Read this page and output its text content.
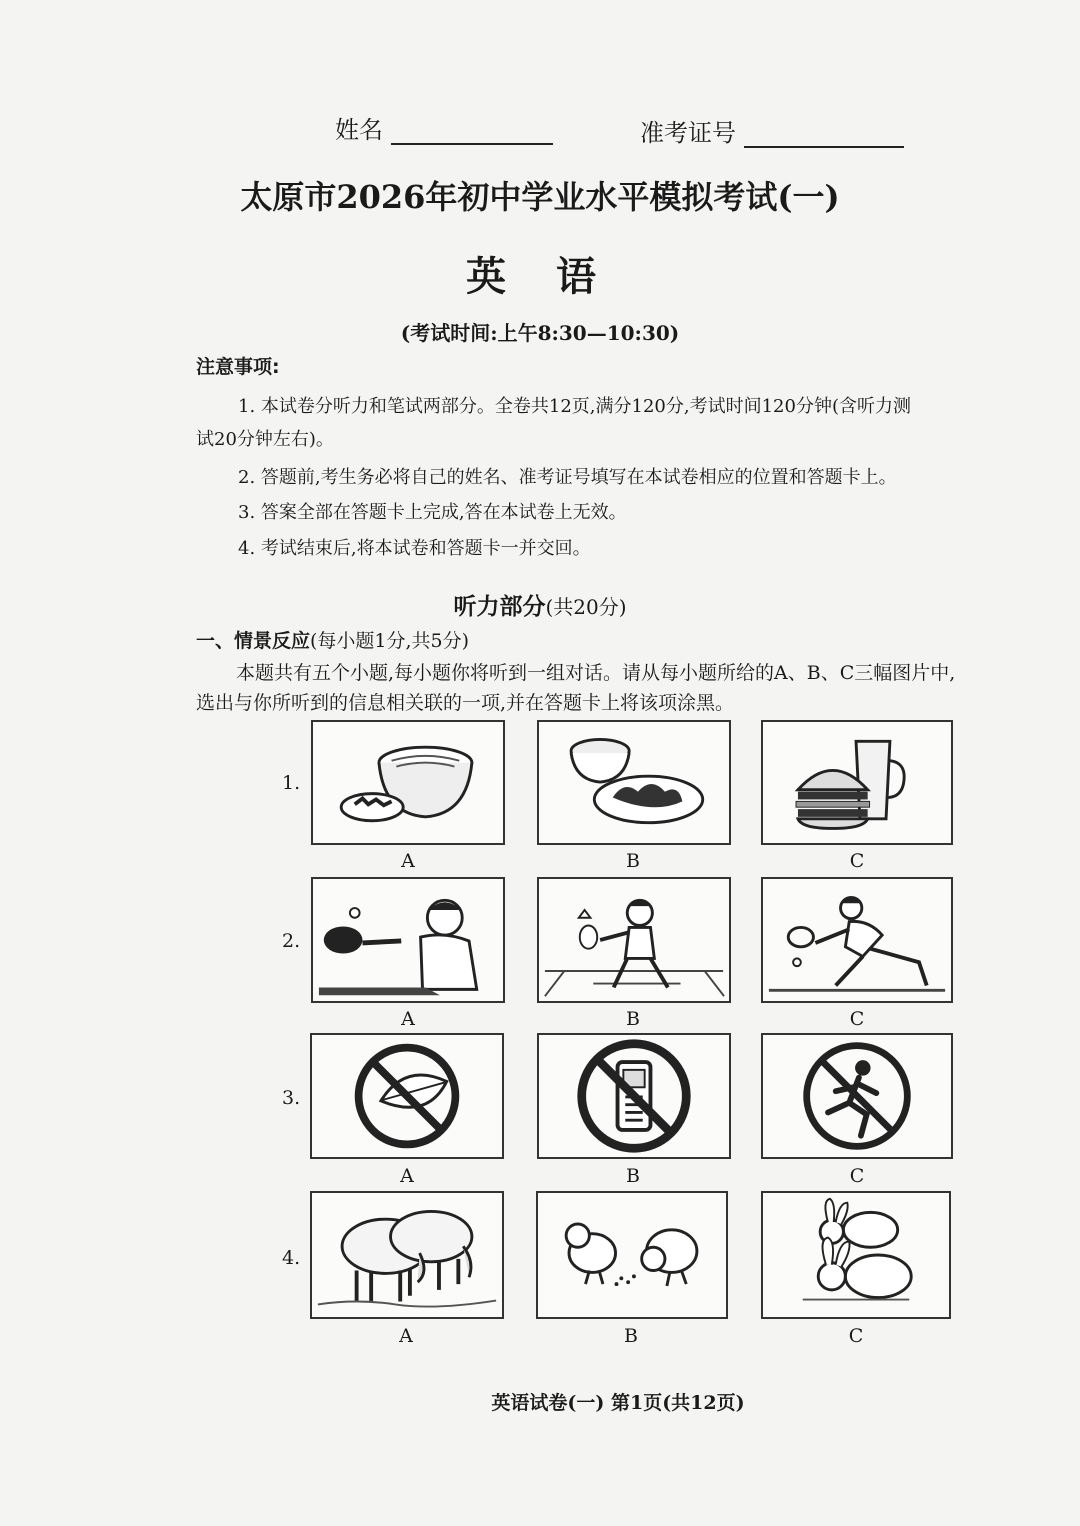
姓名	准考证号
太原市2026年初中学业水平模拟考试(一)
英 语
(考试时间:上午8:30—10:30)
注意事项:
1. 本试卷分听力和笔试两部分。全卷共12页,满分120分,考试时间120分钟(含听力测
试20分钟左右)。
2. 答题前,考生务必将自己的姓名、准考证号填写在本试卷相应的位置和答题卡上。
3. 答案全部在答题卡上完成,答在本试卷上无效。
4. 考试结束后,将本试卷和答题卡一并交回。
听力部分(共20分)
一、情景反应(每小题1分,共5分)
本题共有五个小题,每小题你将听到一组对话。请从每小题所给的A、B、C三幅图片中,
选出与你所听到的信息相关联的一项,并在答题卡上将该项涂黑。
1.
A	B	C
2.
A	B	C
3.
A	B	C
4.
A	B	C
英语试卷(一) 第1页(共12页)
